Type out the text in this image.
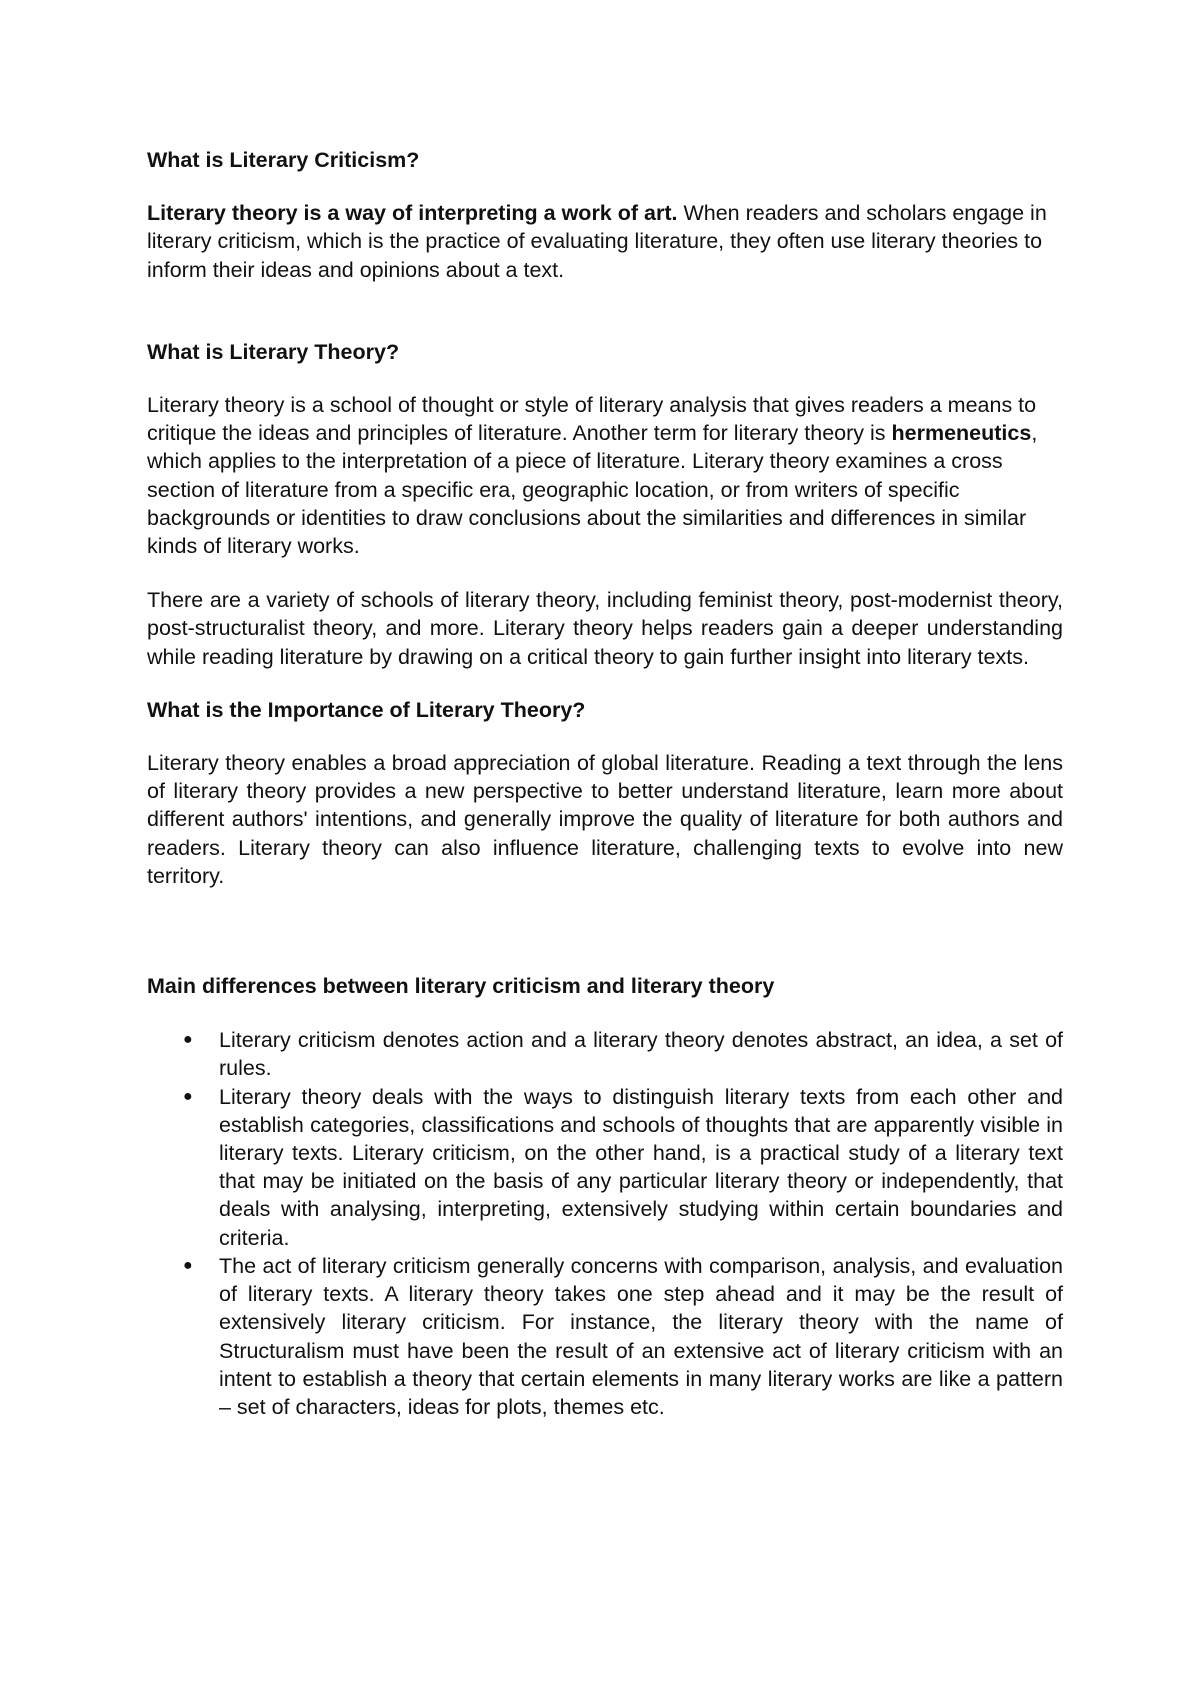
What is Literary Criticism?

Literary theory is a way of interpreting a work of art. When readers and scholars engage in literary criticism, which is the practice of evaluating literature, they often use literary theories to inform their ideas and opinions about a text.

What is Literary Theory?

Literary theory is a school of thought or style of literary analysis that gives readers a means to critique the ideas and principles of literature. Another term for literary theory is hermeneutics, which applies to the interpretation of a piece of literature. Literary theory examines a cross section of literature from a specific era, geographic location, or from writers of specific backgrounds or identities to draw conclusions about the similarities and differences in similar kinds of literary works.

There are a variety of schools of literary theory, including feminist theory, post-modernist theory, post-structuralist theory, and more. Literary theory helps readers gain a deeper understanding while reading literature by drawing on a critical theory to gain further insight into literary texts.

What is the Importance of Literary Theory?

Literary theory enables a broad appreciation of global literature. Reading a text through the lens of literary theory provides a new perspective to better understand literature, learn more about different authors' intentions, and generally improve the quality of literature for both authors and readers. Literary theory can also influence literature, challenging texts to evolve into new territory.

Main differences between literary criticism and literary theory

● Literary criticism denotes action and a literary theory denotes abstract, an idea, a set of rules.
● Literary theory deals with the ways to distinguish literary texts from each other and establish categories, classifications and schools of thoughts that are apparently visible in literary texts. Literary criticism, on the other hand, is a practical study of a literary text that may be initiated on the basis of any particular literary theory or independently, that deals with analysing, interpreting, extensively studying within certain boundaries and criteria.
● The act of literary criticism generally concerns with comparison, analysis, and evaluation of literary texts. A literary theory takes one step ahead and it may be the result of extensively literary criticism. For instance, the literary theory with the name of Structuralism must have been the result of an extensive act of literary criticism with an intent to establish a theory that certain elements in many literary works are like a pattern – set of characters, ideas for plots, themes etc.
